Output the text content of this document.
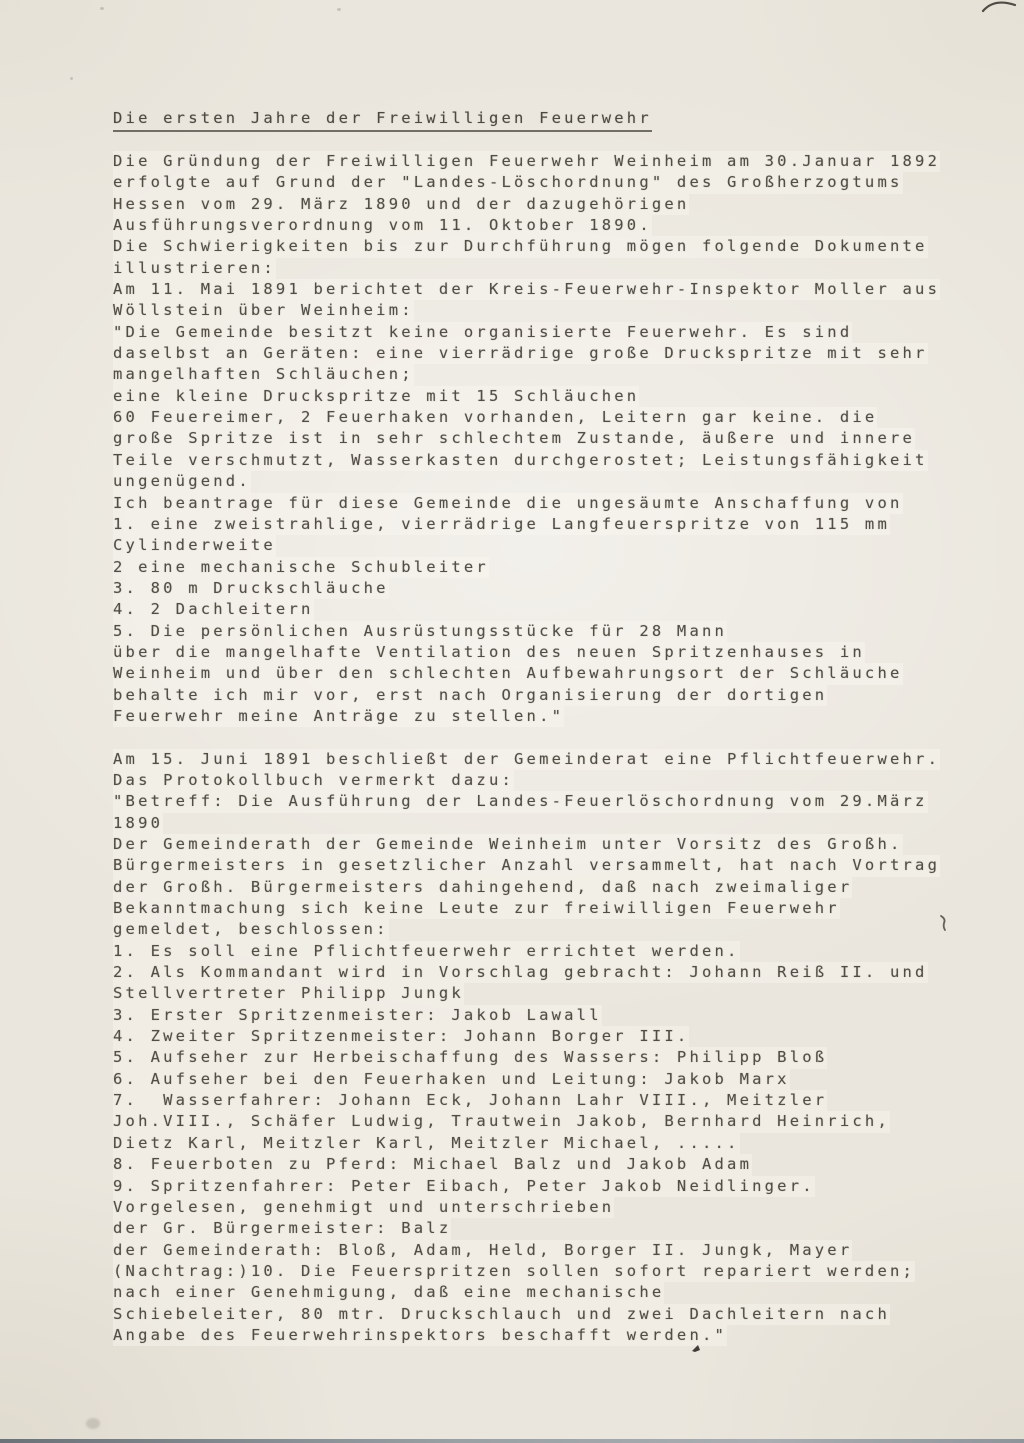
Die ersten Jahre der Freiwilligen Feuerwehr
Die Gründung der Freiwilligen Feuerwehr Weinheim am 30.Januar 1892
erfolgte auf Grund der "Landes-Löschordnung" des Großherzogtums
Hessen vom 29. März 1890 und der dazugehörigen
Ausführungsverordnung vom 11. Oktober 1890.
Die Schwierigkeiten bis zur Durchführung mögen folgende Dokumente
illustrieren:
Am 11. Mai 1891 berichtet der Kreis-Feuerwehr-Inspektor Moller aus
Wöllstein über Weinheim:
"Die Gemeinde besitzt keine organisierte Feuerwehr. Es sind
daselbst an Geräten: eine vierrädrige große Druckspritze mit sehr
mangelhaften Schläuchen;
eine kleine Druckspritze mit 15 Schläuchen
60 Feuereimer, 2 Feuerhaken vorhanden, Leitern gar keine. die
große Spritze ist in sehr schlechtem Zustande, äußere und innere
Teile verschmutzt, Wasserkasten durchgerostet; Leistungsfähigkeit
ungenügend.
Ich beantrage für diese Gemeinde die ungesäumte Anschaffung von
1. eine zweistrahlige, vierrädrige Langfeuerspritze von 115 mm
Cylinderweite
2 eine mechanische Schubleiter
3. 80 m Druckschläuche
4. 2 Dachleitern
5. Die persönlichen Ausrüstungsstücke für 28 Mann
über die mangelhafte Ventilation des neuen Spritzenhauses in
Weinheim und über den schlechten Aufbewahrungsort der Schläuche
behalte ich mir vor, erst nach Organisierung der dortigen
Feuerwehr meine Anträge zu stellen."
Am 15. Juni 1891 beschließt der Gemeinderat eine Pflichtfeuerwehr.
Das Protokollbuch vermerkt dazu:
"Betreff: Die Ausführung der Landes-Feuerlöschordnung vom 29.März
1890
Der Gemeinderath der Gemeinde Weinheim unter Vorsitz des Großh.
Bürgermeisters in gesetzlicher Anzahl versammelt, hat nach Vortrag
der Großh. Bürgermeisters dahingehend, daß nach zweimaliger
Bekanntmachung sich keine Leute zur freiwilligen Feuerwehr
gemeldet, beschlossen:
1. Es soll eine Pflichtfeuerwehr errichtet werden.
2. Als Kommandant wird in Vorschlag gebracht: Johann Reiß II. und
Stellvertreter Philipp Jungk
3. Erster Spritzenmeister: Jakob Lawall
4. Zweiter Spritzenmeister: Johann Borger III.
5. Aufseher zur Herbeischaffung des Wassers: Philipp Bloß
6. Aufseher bei den Feuerhaken und Leitung: Jakob Marx
7.  Wasserfahrer: Johann Eck, Johann Lahr VIII., Meitzler
Joh.VIII., Schäfer Ludwig, Trautwein Jakob, Bernhard Heinrich,
Dietz Karl, Meitzler Karl, Meitzler Michael, .....
8. Feuerboten zu Pferd: Michael Balz und Jakob Adam
9. Spritzenfahrer: Peter Eibach, Peter Jakob Neidlinger.
Vorgelesen, genehmigt und unterschrieben
der Gr. Bürgermeister: Balz
der Gemeinderath: Bloß, Adam, Held, Borger II. Jungk, Mayer
(Nachtrag:)10. Die Feuerspritzen sollen sofort repariert werden;
nach einer Genehmigung, daß eine mechanische
Schiebeleiter, 80 mtr. Druckschlauch und zwei Dachleitern nach
Angabe des Feuerwehrinspektors beschafft werden."
